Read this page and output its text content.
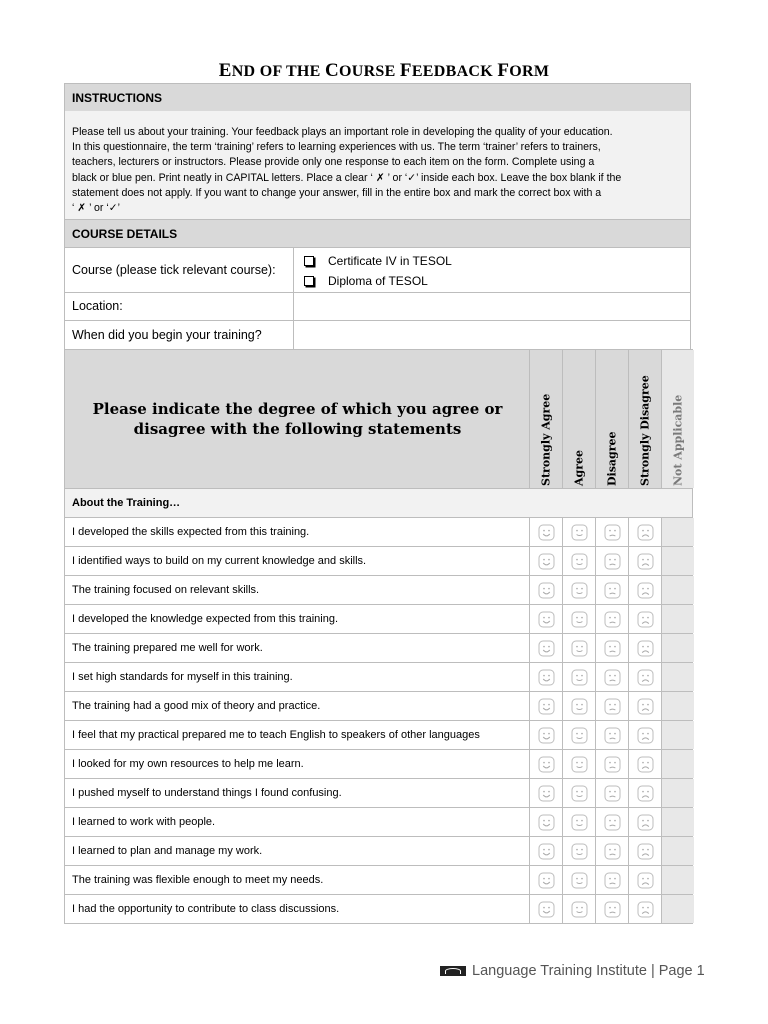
END OF THE COURSE FEEDBACK FORM
INSTRUCTIONS
Please tell us about your training. Your feedback plays an important role in developing the quality of your education.
In this questionnaire, the term ‘training’ refers to learning experiences with us. The term ‘trainer’ refers to trainers,
teachers, lecturers or instructors. Please provide only one response to each item on the form. Complete using a
black or blue pen. Print neatly in CAPITAL letters. Place a clear ‘ ✗ ’ or ‘✓’ inside each box. Leave the box blank if the
statement does not apply. If you want to change your answer, fill in the entire box and mark the correct box with a
‘ ✗ ’ or ‘✓’
COURSE DETAILS
Course (please tick relevant course):
Certificate IV in TESOL
Diploma of TESOL
Location:
When did you begin your training?
Please indicate the degree of which you agree or disagree with the following statements	Strongly Agree Agree Disagree Strongly Disagree Not Applicable
About the Training…
I developed the skills expected from this training.
I identified ways to build on my current knowledge and skills.
The training focused on relevant skills.
I developed the knowledge expected from this training.
The training prepared me well for work.
I set high standards for myself in this training.
The training had a good mix of theory and practice.
I feel that my practical prepared me to teach English to speakers of other languages
I looked for my own resources to help me learn.
I pushed myself to understand things I found confusing.
I learned to work with people.
I learned to plan and manage my work.
The training was flexible enough to meet my needs.
I had the opportunity to contribute to class discussions.
Language Training Institute | Page 1
